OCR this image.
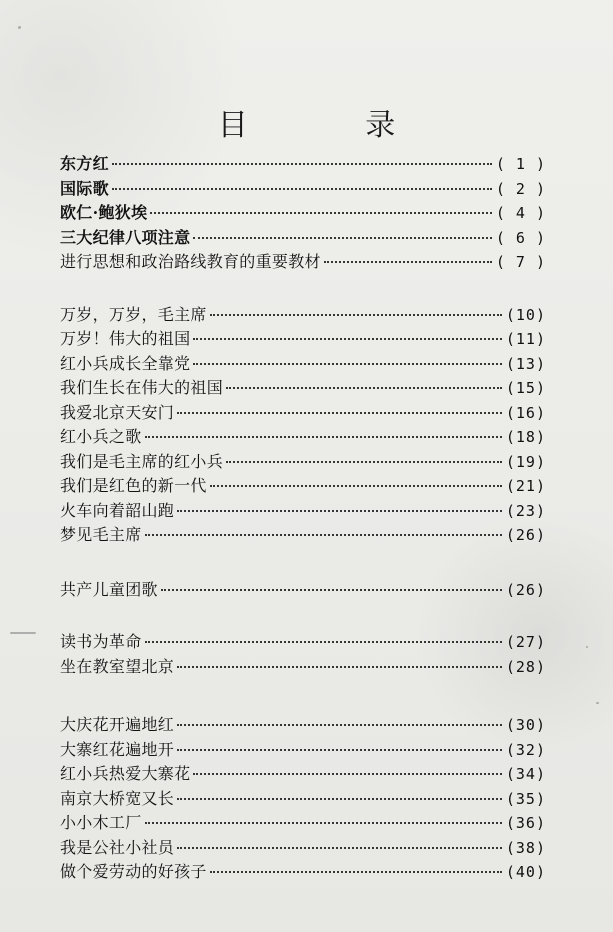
目 录
东方红	( 1 )
国际歌	( 2 )
欧仁·鲍狄埃	( 4 )
三大纪律八项注意	( 6 )
进行思想和政治路线教育的重要教材	( 7 )
万岁，万岁，毛主席	(10)
万岁！伟大的祖国	(11)
红小兵成长全靠党	(13)
我们生长在伟大的祖国	(15)
我爱北京天安门	(16)
红小兵之歌	(18)
我们是毛主席的红小兵	(19)
我们是红色的新一代	(21)
火车向着韶山跑	(23)
梦见毛主席	(26)
共产儿童团歌	(26)
读书为革命	(27)
坐在教室望北京	(28)
大庆花开遍地红	(30)
大寨红花遍地开	(32)
红小兵热爱大寨花	(34)
南京大桥宽又长	(35)
小小木工厂	(36)
我是公社小社员	(38)
做个爱劳动的好孩子	(40)
